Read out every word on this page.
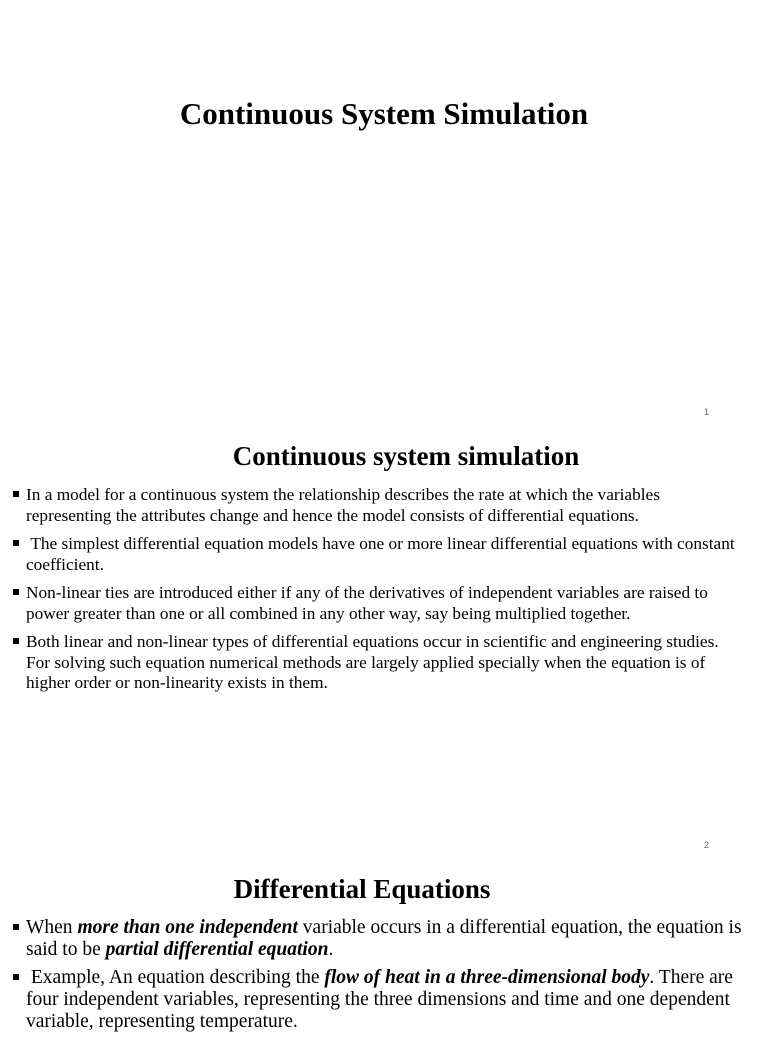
Continuous System Simulation
1
Continuous system simulation
In a model for a continuous system the relationship describes the rate at which the variables representing the attributes change and hence the model consists of differential equations.
The simplest differential equation models have one or more linear differential equations with constant coefficient.
Non-linear ties are introduced either if any of the derivatives of independent variables are raised to power greater than one or all combined in any other way, say being multiplied together.
Both linear and non-linear types of differential equations occur in scientific and engineering studies. For solving such equation numerical methods are largely applied specially when the equation is of higher order or non-linearity exists in them.
2
Differential Equations
When more than one independent variable occurs in a differential equation, the equation is said to be partial differential equation.
Example, An equation describing the flow of heat in a three-dimensional body. There are four independent variables, representing the three dimensions and time and one dependent variable, representing temperature.
